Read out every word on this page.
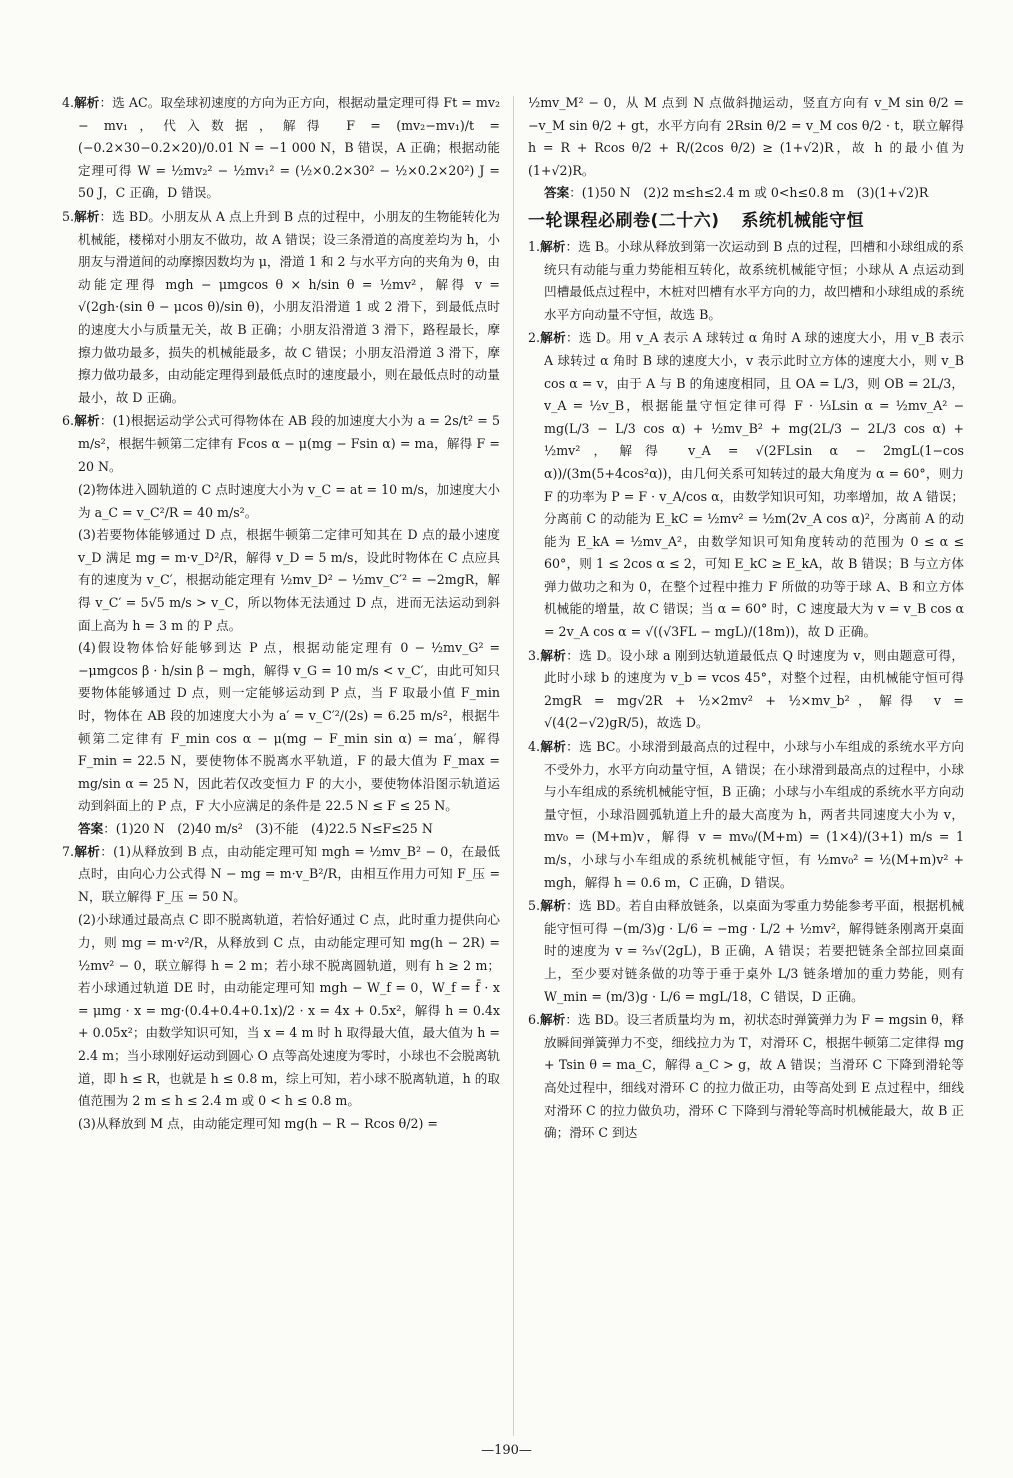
4.解析：选 AC。取垒球初速度的方向为正方向，根据动量定理可得 Ft = mv₂ − mv₁，代入数据，解得 F = (mv₂−mv₁)/t = (−0.2×30−0.2×20)/0.01 N = −1 000 N，B 错误，A 正确；根据动能定理可得 W = ½mv₂² − ½mv₁² = (½×0.2×30² − ½×0.2×20²) J = 50 J，C 正确，D 错误。

5.解析：选 BD。小朋友从 A 点上升到 B 点的过程中，小朋友的生物能转化为机械能，楼梯对小朋友不做功，故 A 错误；设三条滑道的高度差均为 h，小朋友与滑道间的动摩擦因数均为 μ，滑道 1 和 2 与水平方向的夹角为 θ，由动能定理得 mgh − μmgcos θ × h/sin θ = ½mv²，解得 v = √(2gh·(sin θ − μcos θ)/sin θ)，小朋友沿滑道 1 或 2 滑下，到最低点时的速度大小与质量无关，故 B 正确；小朋友沿滑道 3 滑下，路程最长，摩擦力做功最多，损失的机械能最多，故 C 错误；小朋友沿滑道 3 滑下，摩擦力做功最多，由动能定理得到最低点时的速度最小，则在最低点时的动量最小，故 D 正确。

6.解析：(1)根据运动学公式可得物体在 AB 段的加速度大小为 a = 2s/t² = 5 m/s²，根据牛顿第二定律有 Fcos α − μ(mg − Fsin α) = ma，解得 F = 20 N。

(2)物体进入圆轨道的 C 点时速度大小为 v_C = at = 10 m/s，加速度大小为 a_C = v_C²/R = 40 m/s²。

(3)若要物体能够通过 D 点，根据牛顿第二定律可知其在 D 点的最小速度 v_D 满足 mg = m·v_D²/R，解得 v_D = 5 m/s，设此时物体在 C 点应具有的速度为 v_C′，根据动能定理有 ½mv_D² − ½mv_C′² = −2mgR，解得 v_C′ = 5√5 m/s > v_C，所以物体无法通过 D 点，进而无法运动到斜面上高为 h = 3 m 的 P 点。

(4)假设物体恰好能够到达 P 点，根据动能定理有 0 − ½mv_G² = −μmgcos β · h/sin β − mgh，解得 v_G = 10 m/s < v_C′，由此可知只要物体能够通过 D 点，则一定能够运动到 P 点，当 F 取最小值 F_min 时，物体在 AB 段的加速度大小为 a′ = v_C′²/(2s) = 6.25 m/s²，根据牛顿第二定律有 F_min cos α − μ(mg − F_min sin α) = ma′，解得 F_min = 22.5 N，要使物体不脱离水平轨道，F 的最大值为 F_max = mg/sin α = 25 N，因此若仅改变恒力 F 的大小，要使物体沿图示轨道运动到斜面上的 P 点，F 大小应满足的条件是 22.5 N ≤ F ≤ 25 N。

答案：(1)20 N　(2)40 m/s²　(3)不能　(4)22.5 N≤F≤25 N

7.解析：(1)从释放到 B 点，由动能定理可知 mgh = ½mv_B² − 0，在最低点时，由向心力公式得 N − mg = m·v_B²/R，由相互作用力可知 F_压 = N，联立解得 F_压 = 50 N。

(2)小球通过最高点 C 即不脱离轨道，若恰好通过 C 点，此时重力提供向心力，则 mg = m·v²/R，从释放到 C 点，由动能定理可知 mg(h − 2R) = ½mv² − 0，联立解得 h = 2 m；若小球不脱离圆轨道，则有 h ≥ 2 m；若小球通过轨道 DE 时，由动能定理可知 mgh − W_f = 0，W_f = f̄ · x = μmg · x = mg·(0.4+0.4+0.1x)/2 · x = 4x + 0.5x²，解得 h = 0.4x + 0.05x²；由数学知识可知，当 x = 4 m 时 h 取得最大值，最大值为 h = 2.4 m；当小球刚好运动到圆心 O 点等高处速度为零时，小球也不会脱离轨道，即 h ≤ R，也就是 h ≤ 0.8 m，综上可知，若小球不脱离轨道，h 的取值范围为 2 m ≤ h ≤ 2.4 m 或 0 < h ≤ 0.8 m。

(3)从释放到 M 点，由动能定理可知 mg(h − R − Rcos θ/2) =

½mv_M² − 0，从 M 点到 N 点做斜抛运动，竖直方向有 v_M sin θ/2 = −v_M sin θ/2 + gt，水平方向有 2Rsin θ/2 = v_M cos θ/2 · t，联立解得 h = R + Rcos θ/2 + R/(2cos θ/2) ≥ (1+√2)R，故 h 的最小值为 (1+√2)R。

答案：(1)50 N　(2)2 m≤h≤2.4 m 或 0<h≤0.8 m　(3)(1+√2)R

一轮课程必刷卷(二十六) 系统机械能守恒

1.解析：选 B。小球从释放到第一次运动到 B 点的过程，凹槽和小球组成的系统只有动能与重力势能相互转化，故系统机械能守恒；小球从 A 点运动到凹槽最低点过程中，木桩对凹槽有水平方向的力，故凹槽和小球组成的系统水平方向动量不守恒，故选 B。

2.解析：选 D。用 v_A 表示 A 球转过 α 角时 A 球的速度大小，用 v_B 表示 A 球转过 α 角时 B 球的速度大小，v 表示此时立方体的速度大小，则 v_B cos α = v，由于 A 与 B 的角速度相同，且 OA = L/3，则 OB = 2L/3，v_A = ½v_B，根据能量守恒定律可得 F · ⅓Lsin α = ½mv_A² − mg(L/3 − L/3 cos α) + ½mv_B² + mg(2L/3 − 2L/3 cos α) + ½mv²，解得 v_A = √(2FLsin α − 2mgL(1−cos α))/(3m(5+4cos²α))，由几何关系可知转过的最大角度为 α = 60°，则力 F 的功率为 P = F · v_A/cos α，由数学知识可知，功率增加，故 A 错误；分离前 C 的动能为 E_kC = ½mv² = ½m(2v_A cos α)²，分离前 A 的动能为 E_kA = ½mv_A²，由数学知识可知角度转动的范围为 0 ≤ α ≤ 60°，则 1 ≤ 2cos α ≤ 2，可知 E_kC ≥ E_kA，故 B 错误；B 与立方体弹力做功之和为 0，在整个过程中推力 F 所做的功等于球 A、B 和立方体机械能的增量，故 C 错误；当 α = 60° 时，C 速度最大为 v = v_B cos α = 2v_A cos α = √((√3FL − mgL)/(18m))，故 D 正确。

3.解析：选 D。设小球 a 刚到达轨道最低点 Q 时速度为 v，则由题意可得，此时小球 b 的速度为 v_b = vcos 45°，对整个过程，由机械能守恒可得 2mgR = mg√2R + ½×2mv² + ½×mv_b²，解得 v = √(4(2−√2)gR/5)，故选 D。

4.解析：选 BC。小球滑到最高点的过程中，小球与小车组成的系统水平方向不受外力，水平方向动量守恒，A 错误；在小球滑到最高点的过程中，小球与小车组成的系统机械能守恒，B 正确；小球与小车组成的系统水平方向动量守恒，小球沿圆弧轨道上升的最大高度为 h，两者共同速度大小为 v，mv₀ = (M+m)v，解得 v = mv₀/(M+m) = (1×4)/(3+1) m/s = 1 m/s，小球与小车组成的系统机械能守恒，有 ½mv₀² = ½(M+m)v² + mgh，解得 h = 0.6 m，C 正确，D 错误。

5.解析：选 BD。若自由释放链条，以桌面为零重力势能参考平面，根据机械能守恒可得 −(m/3)g · L/6 = −mg · L/2 + ½mv²，解得链条刚离开桌面时的速度为 v = ⅔√(2gL)，B 正确，A 错误；若要把链条全部拉回桌面上，至少要对链条做的功等于垂于桌外 L/3 链条增加的重力势能，则有 W_min = (m/3)g · L/6 = mgL/18，C 错误，D 正确。

6.解析：选 BD。设三者质量均为 m，初状态时弹簧弹力为 F = mgsin θ，释放瞬间弹簧弹力不变，细线拉力为 T，对滑环 C，根据牛顿第二定律得 mg + Tsin θ = ma_C，解得 a_C > g，故 A 错误；当滑环 C 下降到滑轮等高处过程中，细线对滑环 C 的拉力做正功，由等高处到 E 点过程中，细线对滑环 C 的拉力做负功，滑环 C 下降到与滑轮等高时机械能最大，故 B 正确；滑环 C 到达

—190—
